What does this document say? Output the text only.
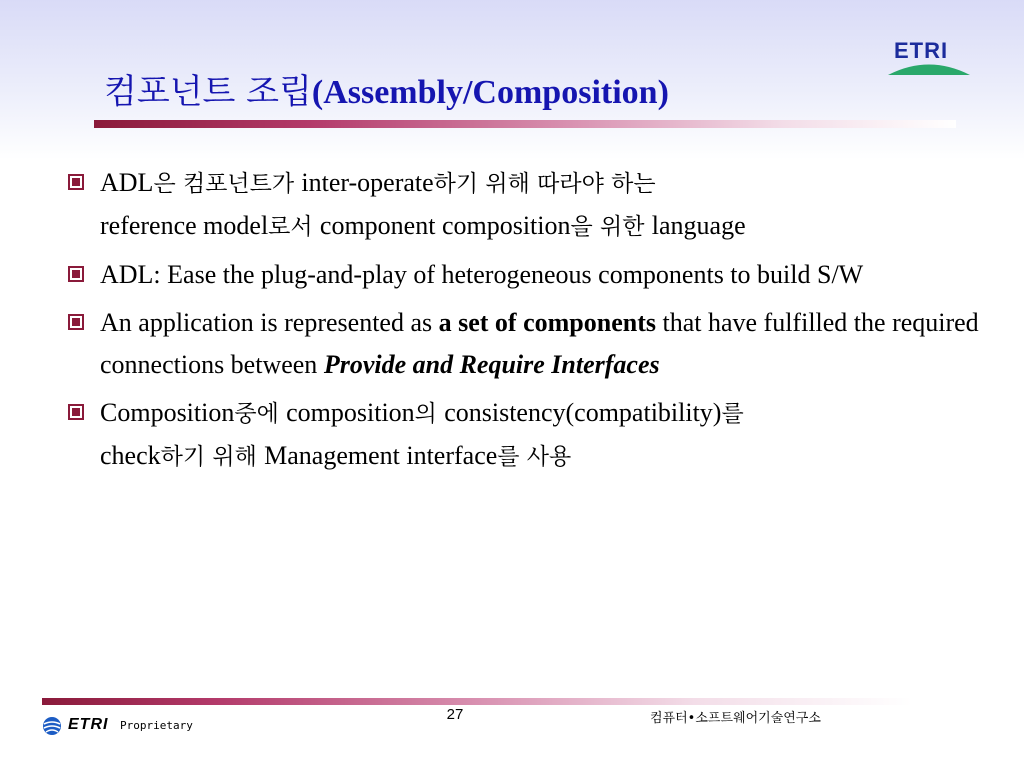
ETRI
컴포넌트 조립(Assembly/Composition)

ADL은 컴포넌트가 inter-operate하기 위해 따라야 하는
reference model로서 component composition을 위한 language

ADL: Ease the plug-and-play of heterogeneous components to build S/W

An application is represented as a set of components that have fulfilled the required connections between Provide and Require Interfaces

Composition중에 composition의 consistency(compatibility)를
check하기 위해 Management interface를 사용

ETRI Proprietary
27	컴퓨터•소프트웨어기술연구소
